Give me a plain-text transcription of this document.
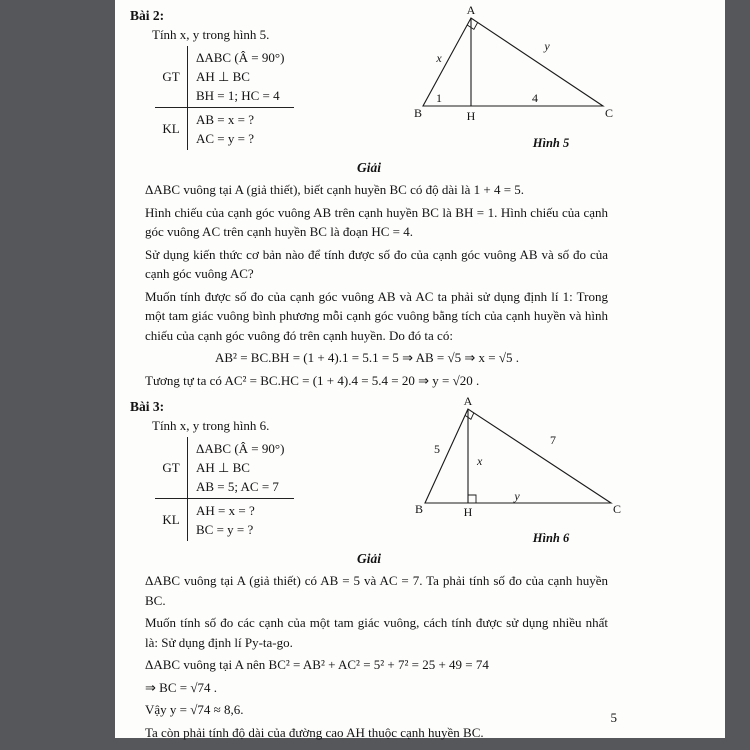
Bài 2:

Tính x, y trong hình 5.

GT
ΔABC (Â = 90°)
AH ⊥ BC
BH = 1; HC = 4
KL
AB = x = ?
AC = y = ?
A
B	C
H
x
y
1	4
Hình 5
Giải

ΔABC vuông tại A (giả thiết), biết cạnh huyền BC có độ dài là 1 + 4 = 5.

Hình chiếu của cạnh góc vuông AB trên cạnh huyền BC là BH = 1. Hình chiếu của cạnh góc vuông AC trên cạnh huyền BC là đoạn HC = 4.

Sử dụng kiến thức cơ bản nào để tính được số đo của cạnh góc vuông AB và số đo của cạnh góc vuông AC?

Muốn tính được số đo của cạnh góc vuông AB và AC ta phải sử dụng định lí 1: Trong một tam giác vuông bình phương mỗi cạnh góc vuông bằng tích của cạnh huyền và hình chiếu của cạnh góc vuông đó trên cạnh huyền. Do đó ta có:

AB² = BC.BH = (1 + 4).1 = 5.1 = 5 ⇒ AB = √5 ⇒ x = √5 .

Tương tự ta có AC² = BC.HC = (1 + 4).4 = 5.4 = 20 ⇒ y = √20 .

Bài 3:

Tính x, y trong hình 6.

GT
ΔABC (Â = 90°)
AH ⊥ BC
AB = 5; AC = 7
KL
AH = x = ?
BC = y = ?
A
B	C
H
5
7
x
y
Hình 6
Giải

ΔABC vuông tại A (giả thiết) có AB = 5 và AC = 7. Ta phải tính số đo của cạnh huyền BC.

Muốn tính số đo các cạnh của một tam giác vuông, cách tính được sử dụng nhiều nhất là: Sử dụng định lí Py-ta-go.

ΔABC vuông tại A nên BC² = AB² + AC² = 5² + 7² = 25 + 49 = 74

⇒ BC = √74 .

Vậy y = √74 ≈ 8,6.

Ta còn phải tính độ dài của đường cao AH thuộc cạnh huyền BC.

5
